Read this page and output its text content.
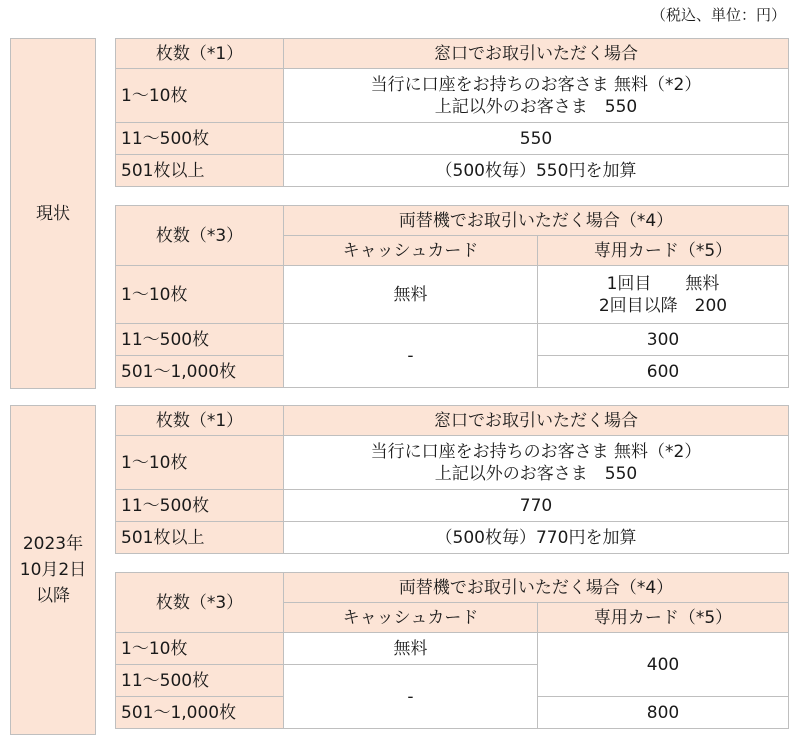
（税込、単位：円）
現状
枚数（*1）	窓口でお取引いただく場合
1～10枚	当行に口座をお持ちのお客さま 無料（*2）
上記以外のお客さま　550

11～500枚	550
501枚以上	（500枚毎）550円を加算
枚数（*3）	両替機でお取引いただく場合（*4）	
	キャッシュカード	専用カード（*5）
1～10枚	無料	1回目　　無料
2回目以降　200

11～500枚	-	300
501～1,000枚		600
2023年
10月2日
以降
枚数（*1）	窓口でお取引いただく場合
1～10枚	当行に口座をお持ちのお客さま 無料（*2）
上記以外のお客さま　550

11～500枚	770
501枚以上	（500枚毎）770円を加算
枚数（*3）	両替機でお取引いただく場合（*4）	
	キャッシュカード	専用カード（*5）
1～10枚	無料	400
11～500枚	-	
501～1,000枚		800
